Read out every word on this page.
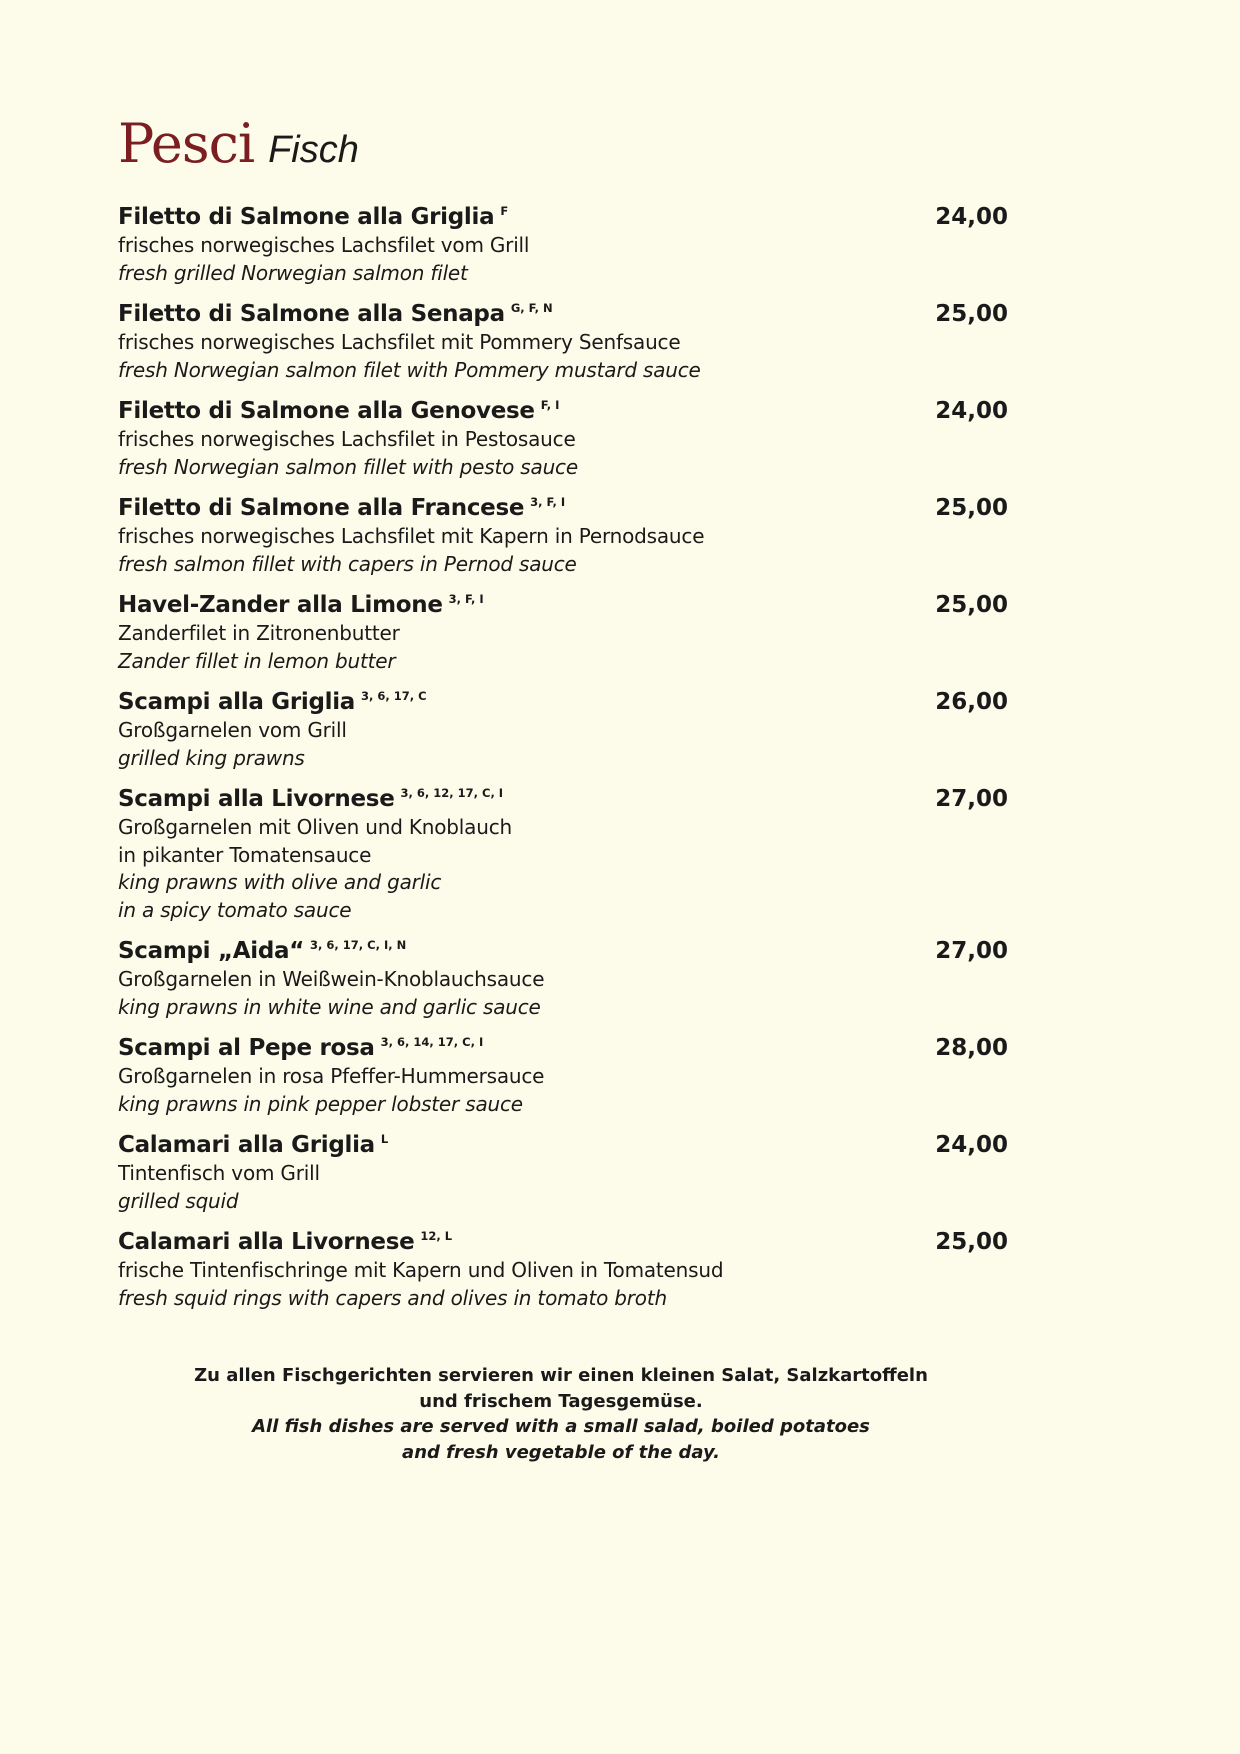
Pesci Fisch
Filetto di Salmone alla Griglia $^F$	24,00
frisches norwegisches Lachsfilet vom Grill
fresh grilled Norwegian salmon filet
Filetto di Salmone alla Senapa $^{G, F, N}$	25,00
frisches norwegisches Lachsfilet mit Pommery Senfsauce
fresh Norwegian salmon filet with Pommery mustard sauce
Filetto di Salmone alla Genovese $^{F, I}$	24,00
frisches norwegisches Lachsfilet in Pestosauce
fresh Norwegian salmon fillet with pesto sauce
Filetto di Salmone alla Francese $^{3, F, I}$	25,00
frisches norwegisches Lachsfilet mit Kapern in Pernodsauce
fresh salmon fillet with capers in Pernod sauce
Havel-Zander alla Limone $^{3, F, I}$	25,00
Zanderfilet in Zitronenbutter
Zander fillet in lemon butter
Scampi alla Griglia $^{3, 6, 17, C}$	26,00
Großgarnelen vom Grill
grilled king prawns
Scampi alla Livornese $^{3, 6, 12, 17, C, I}$	27,00
Großgarnelen mit Oliven und Knoblauch
in pikanter Tomatensauce
king prawns with olive and garlic
in a spicy tomato sauce
Scampi „Aida“ $^{3, 6, 17, C, I, N}$	27,00
Großgarnelen in Weißwein-Knoblauchsauce
king prawns in white wine and garlic sauce
Scampi al Pepe rosa $^{3, 6, 14, 17, C, I}$	28,00
Großgarnelen in rosa Pfeffer-Hummersauce
king prawns in pink pepper lobster sauce
Calamari alla Griglia $^L$	24,00
Tintenfisch vom Grill
grilled squid
Calamari alla Livornese $^{12, L}$	25,00
frische Tintenfischringe mit Kapern und Oliven in Tomatensud
fresh squid rings with capers and olives in tomato broth
Zu allen Fischgerichten servieren wir einen kleinen Salat, Salzkartoffeln
und frischem Tagesgemüse.
All fish dishes are served with a small salad, boiled potatoes
and fresh vegetable of the day.
